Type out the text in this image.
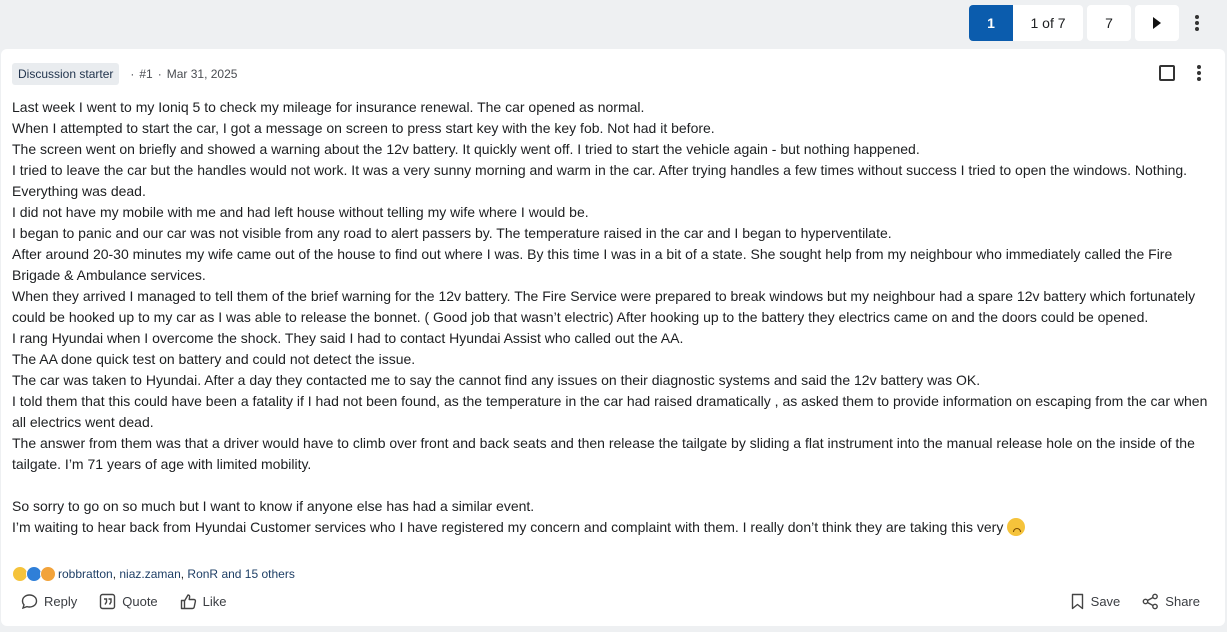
1	1 of 7	7
Discussion starter	· #1 · Mar 31, 2025

Last week I went to my Ioniq 5 to check my mileage for insurance renewal. The car opened as normal.

When I attempted to start the car, I got a message on screen to press start key with the key fob. Not had it before.

The screen went on briefly and showed a warning about the 12v battery. It quickly went off. I tried to start the vehicle again - but nothing happened.

I tried to leave the car but the handles would not work. It was a very sunny morning and warm in the car. After trying handles a few times without success I tried to open the windows. Nothing. Everything was dead.

I did not have my mobile with me and had left house without telling my wife where I would be.

I began to panic and our car was not visible from any road to alert passers by. The temperature raised in the car and I began to hyperventilate.

After around 20-30 minutes my wife came out of the house to find out where I was. By this time I was in a bit of a state. She sought help from my neighbour who immediately called the Fire Brigade & Ambulance services.

When they arrived I managed to tell them of the brief warning for the 12v battery. The Fire Service were prepared to break windows but my neighbour had a spare 12v battery which fortunately could be hooked up to my car as I was able to release the bonnet. ( Good job that wasn’t electric) After hooking up to the battery they electrics came on and the doors could be opened.

I rang Hyundai when I overcome the shock. They said I had to contact Hyundai Assist who called out the AA.

The AA done quick test on battery and could not detect the issue.

The car was taken to Hyundai. After a day they contacted me to say the cannot find any issues on their diagnostic systems and said the 12v battery was OK.

I told them that this could have been a fatality if I had not been found, as the temperature in the car had raised dramatically , as asked them to provide information on escaping from the car when all electrics went dead.

The answer from them was that a driver would have to climb over front and back seats and then release the tailgate by sliding a flat instrument into the manual release hole on the inside of the tailgate. I’m 71 years of age with limited mobility.

So sorry to go on so much but I want to know if anyone else has had a similar event.

I’m waiting to hear back from Hyundai Customer services who I have registered my concern and complaint with them. I really don’t think they are taking this very

robbratton , niaz.zaman , RonR
and 15 others
Reply	Quote	Like	Save	Share
